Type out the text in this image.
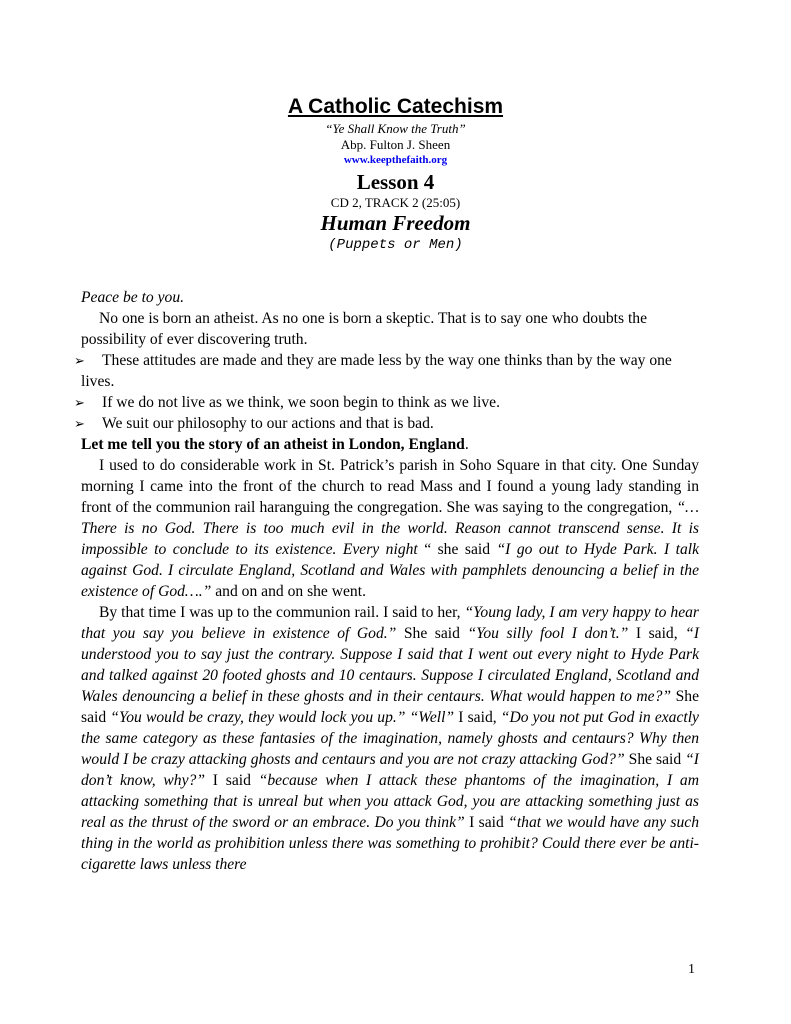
A Catholic Catechism
“Ye Shall Know the Truth”
Abp. Fulton J. Sheen
www.keepthefaith.org
Lesson 4
CD 2, TRACK 2 (25:05)
Human Freedom
(Puppets or Men)

Peace be to you.

No one is born an atheist. As no one is born a skeptic. That is to say one who doubts the possibility of ever discovering truth.

➢ These attitudes are made and they are made less by the way one thinks than by the way one lives.

➢ If we do not live as we think, we soon begin to think as we live.

➢ We suit our philosophy to our actions and that is bad.

Let me tell you the story of an atheist in London, England.

I used to do considerable work in St. Patrick’s parish in Soho Square in that city. One Sunday morning I came into the front of the church to read Mass and I found a young lady standing in front of the communion rail haranguing the congregation. She was saying to the congregation, “…There is no God. There is too much evil in the world. Reason cannot transcend sense. It is impossible to conclude to its existence. Every night “ she said “I go out to Hyde Park. I talk against God. I circulate England, Scotland and Wales with pamphlets denouncing a belief in the existence of God….” and on and on she went.

By that time I was up to the communion rail. I said to her, “Young lady, I am very happy to hear that you say you believe in existence of God.” She said “You silly fool I don’t.” I said, “I understood you to say just the contrary. Suppose I said that I went out every night to Hyde Park and talked against 20 footed ghosts and 10 centaurs. Suppose I circulated England, Scotland and Wales denouncing a belief in these ghosts and in their centaurs. What would happen to me?” She said “You would be crazy, they would lock you up.” “Well” I said, “Do you not put God in exactly the same category as these fantasies of the imagination, namely ghosts and centaurs? Why then would I be crazy attacking ghosts and centaurs and you are not crazy attacking God?” She said “I don’t know, why?” I said “because when I attack these phantoms of the imagination, I am attacking something that is unreal but when you attack God, you are attacking something just as real as the thrust of the sword or an embrace. Do you think” I said “that we would have any such thing in the world as prohibition unless there was something to prohibit? Could there ever be anti-cigarette laws unless there

1
